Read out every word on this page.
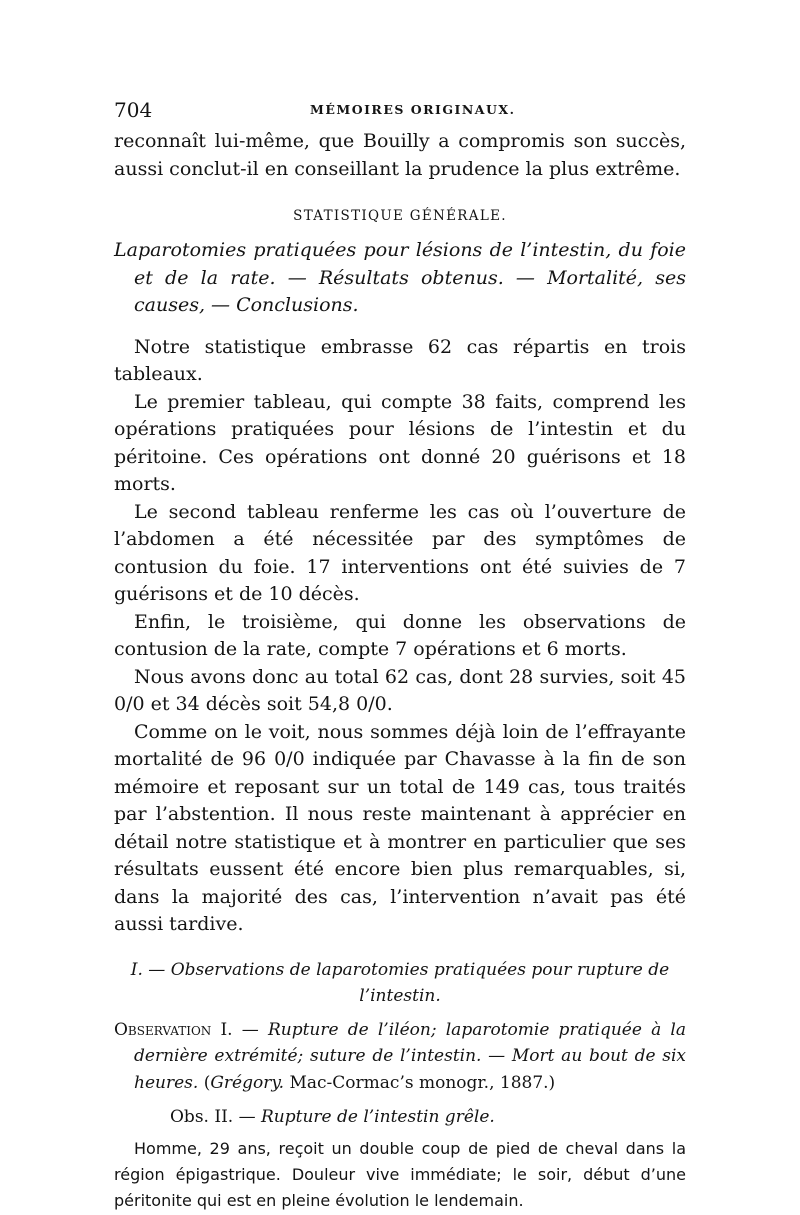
704	MÉMOIRES ORIGINAUX.

reconnaît lui-même, que Bouilly a compromis son succès, aussi conclut-il en conseillant la prudence la plus extrême.

STATISTIQUE GÉNÉRALE.

Laparotomies pratiquées pour lésions de l’intestin, du foie et de la rate. — Résultats obtenus. — Mortalité, ses causes, — Conclusions.

Notre statistique embrasse 62 cas répartis en trois tableaux.

Le premier tableau, qui compte 38 faits, comprend les opérations pratiquées pour lésions de l’intestin et du péritoine. Ces opérations ont donné 20 guérisons et 18 morts.

Le second tableau renferme les cas où l’ouverture de l’abdomen a été nécessitée par des symptômes de contusion du foie. 17 interventions ont été suivies de 7 guérisons et de 10 décès.

Enfin, le troisième, qui donne les observations de contusion de la rate, compte 7 opérations et 6 morts.

Nous avons donc au total 62 cas, dont 28 survies, soit 45 0/0 et 34 décès soit 54,8 0/0.

Comme on le voit, nous sommes déjà loin de l’effrayante mortalité de 96 0/0 indiquée par Chavasse à la fin de son mémoire et reposant sur un total de 149 cas, tous traités par l’abstention. Il nous reste maintenant à apprécier en détail notre statistique et à montrer en particulier que ses résultats eussent été encore bien plus remarquables, si, dans la majorité des cas, l’intervention n’avait pas été aussi tardive.

I. — Observations de laparotomies pratiquées pour rupture de l’intestin.

Observation I. — Rupture de l’iléon; laparotomie pratiquée à la dernière extrémité; suture de l’intestin. — Mort au bout de six heures. (Grégory. Mac-Cormac’s monogr., 1887.)

Obs. II. — Rupture de l’intestin grêle.

Homme, 29 ans, reçoit un double coup de pied de cheval dans la région épigastrique. Douleur vive immédiate; le soir, début d’une péritonite qui est en pleine évolution le lendemain.
